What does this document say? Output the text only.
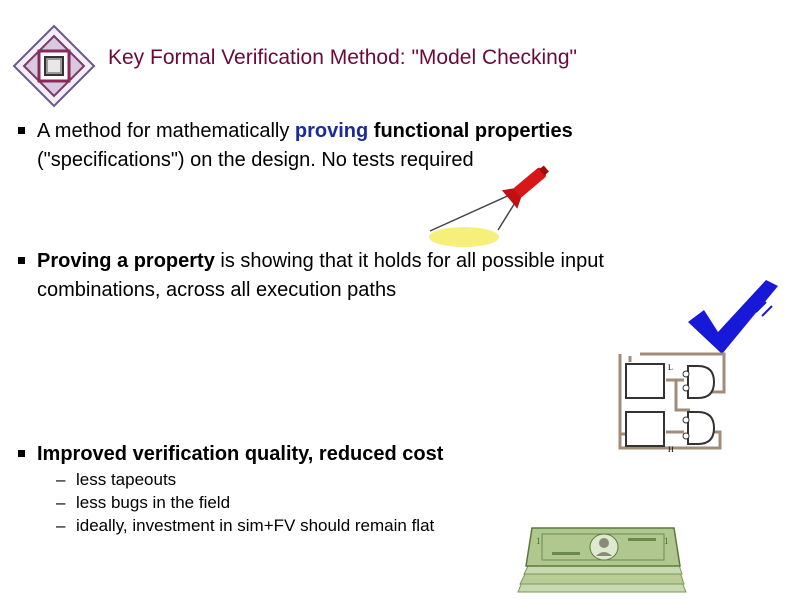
Key Formal Verification Method: "Model Checking"
A method for mathematically proving functional properties
("specifications") on the design. No tests required
Proving a property is showing that it holds for all possible input combinations, across all execution paths
Improved verification quality, reduced cost
– less tapeouts
– less bugs in the field
– ideally, investment in sim+FV should remain flat
L
H
1	1
